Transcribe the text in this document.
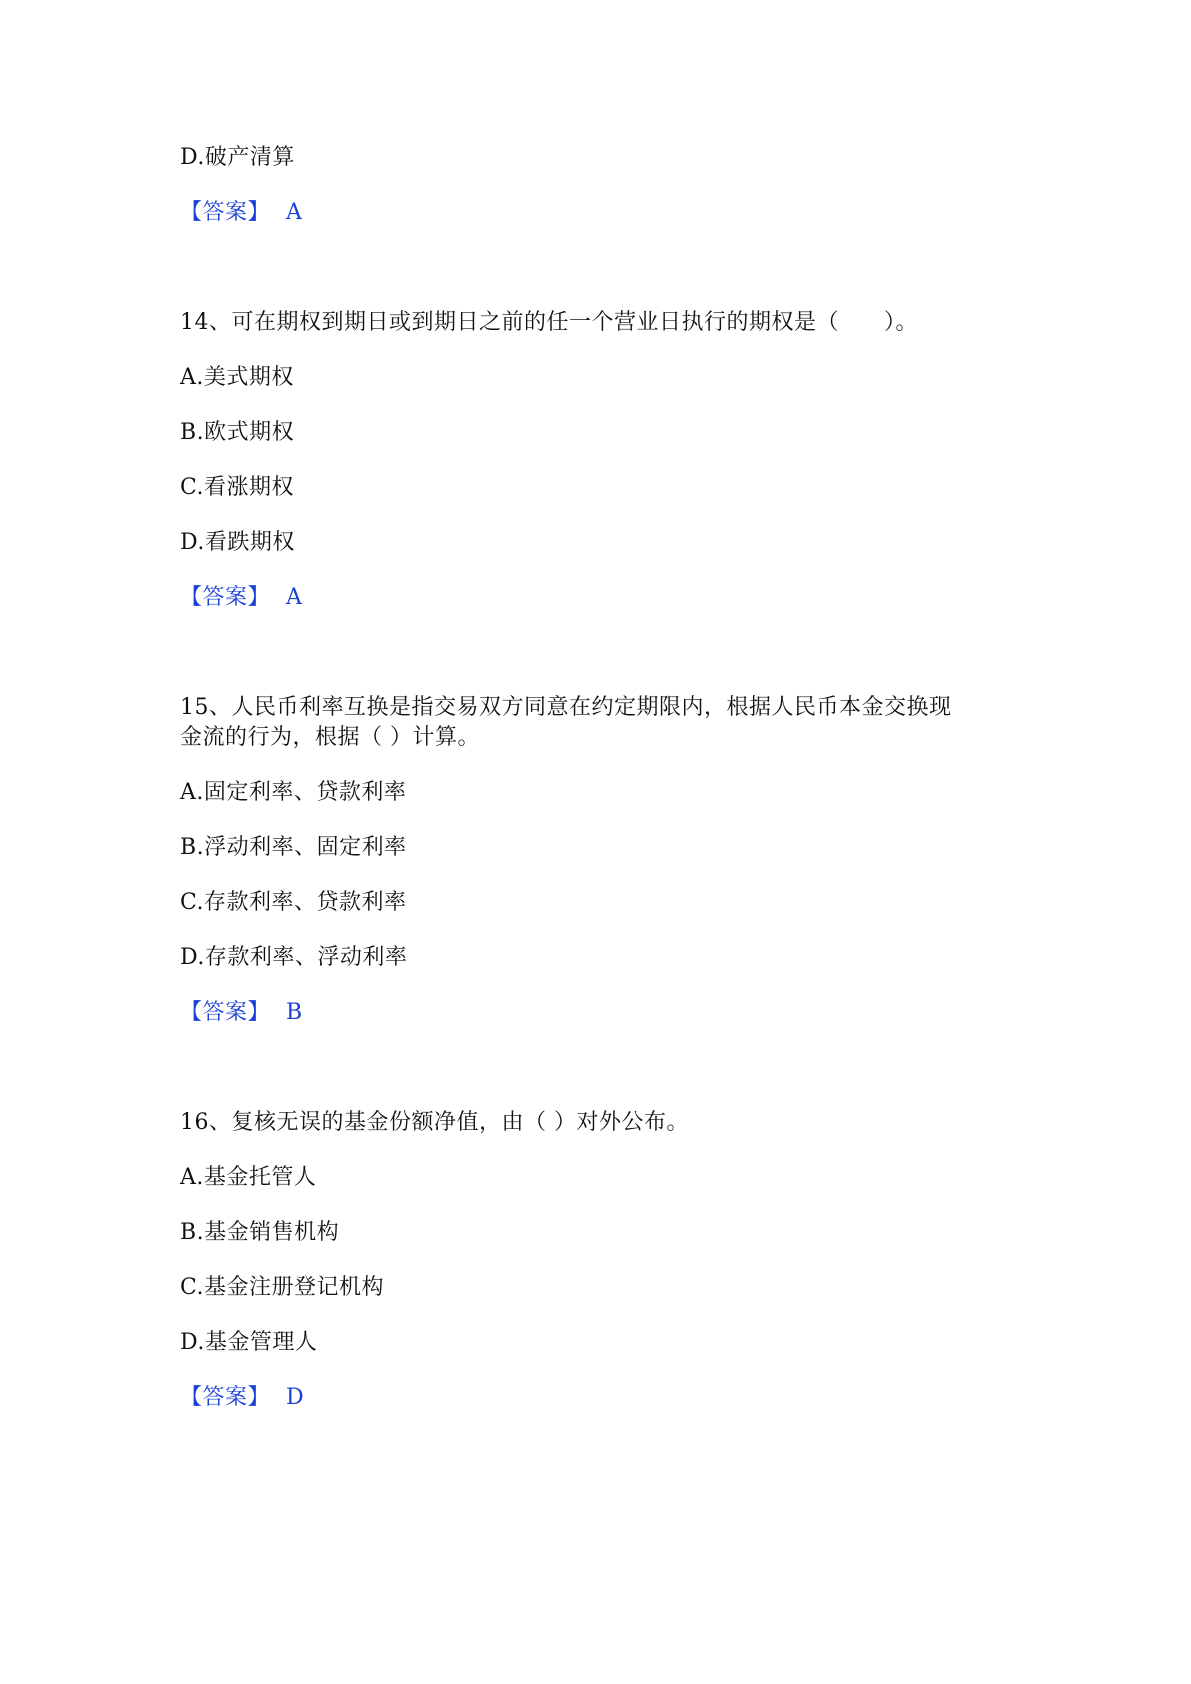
D.破产清算
【答案】 A
14、可在期权到期日或到期日之前的任一个营业日执行的期权是（　　）。
A.美式期权
B.欧式期权
C.看涨期权
D.看跌期权
【答案】 A
15、人民币利率互换是指交易双方同意在约定期限内，根据人民币本金交换现
金流的行为，根据（ ）计算。
A.固定利率、贷款利率
B.浮动利率、固定利率
C.存款利率、贷款利率
D.存款利率、浮动利率
【答案】 B
16、复核无误的基金份额净值，由（ ）对外公布。
A.基金托管人
B.基金销售机构
C.基金注册登记机构
D.基金管理人
【答案】 D
